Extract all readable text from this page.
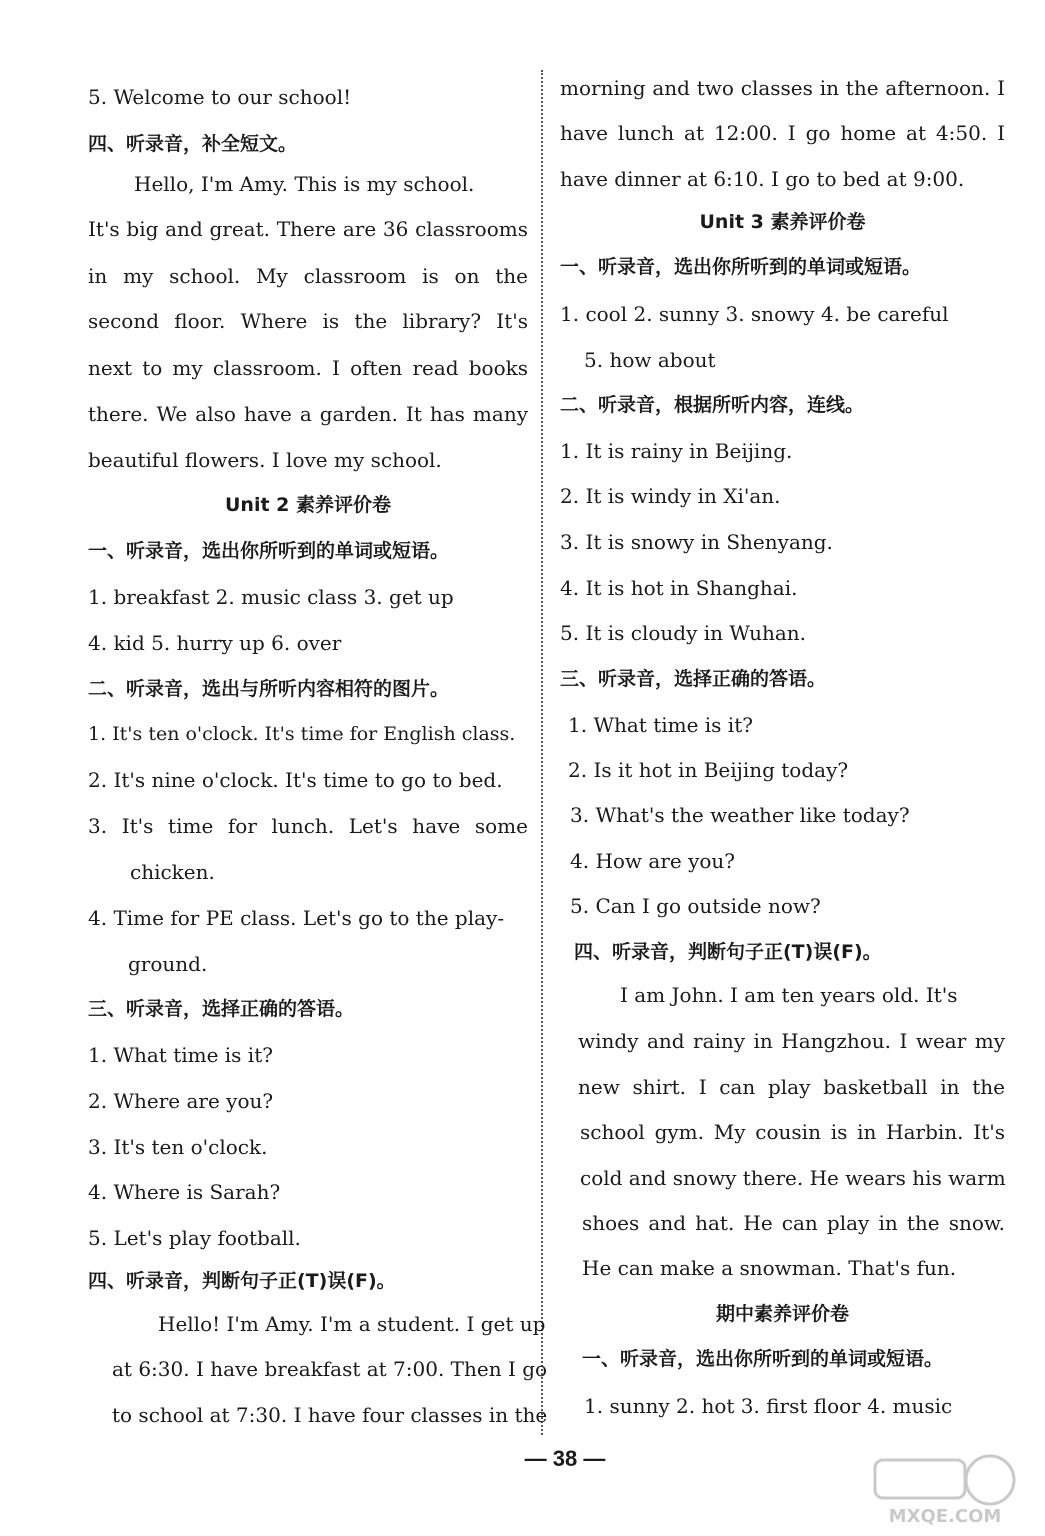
5. Welcome to our school!
四、听录音，补全短文。
Hello, I'm Amy. This is my school.
It's big and great. There are 36 classrooms
in my school. My classroom is on the
second floor. Where is the library? It's
next to my classroom. I often read books
there. We also have a garden. It has many
beautiful flowers. I love my school.
Unit 2 素养评价卷
一、听录音，选出你所听到的单词或短语。
1. breakfast 2. music class 3. get up
4. kid 5. hurry up 6. over
二、听录音，选出与所听内容相符的图片。
1. It's ten o'clock. It's time for English class.
2. It's nine o'clock. It's time to go to bed.
3. It's time for lunch. Let's have some
chicken.
4. Time for PE class. Let's go to the play-
ground.
三、听录音，选择正确的答语。
1. What time is it?
2. Where are you?
3. It's ten o'clock.
4. Where is Sarah?
5. Let's play football.
四、听录音，判断句子正(T)误(F)。
Hello! I'm Amy. I'm a student. I get up
at 6:30. I have breakfast at 7:00. Then I go
to school at 7:30. I have four classes in the
morning and two classes in the afternoon. I
have lunch at 12:00. I go home at 4:50. I
have dinner at 6:10. I go to bed at 9:00.
Unit 3 素养评价卷
一、听录音，选出你所听到的单词或短语。
1. cool 2. sunny 3. snowy 4. be careful
5. how about
二、听录音，根据所听内容，连线。
1. It is rainy in Beijing.
2. It is windy in Xi'an.
3. It is snowy in Shenyang.
4. It is hot in Shanghai.
5. It is cloudy in Wuhan.
三、听录音，选择正确的答语。
1. What time is it?
2. Is it hot in Beijing today?
3. What's the weather like today?
4. How are you?
5. Can I go outside now?
四、听录音，判断句子正(T)误(F)。
I am John. I am ten years old. It's
windy and rainy in Hangzhou. I wear my
new shirt. I can play basketball in the
school gym. My cousin is in Harbin. It's
cold and snowy there. He wears his warm
shoes and hat. He can play in the snow.
He can make a snowman. That's fun.
期中素养评价卷
一、听录音，选出你所听到的单词或短语。
1. sunny 2. hot 3. first floor 4. music
— 38 —
MXQE.COM
